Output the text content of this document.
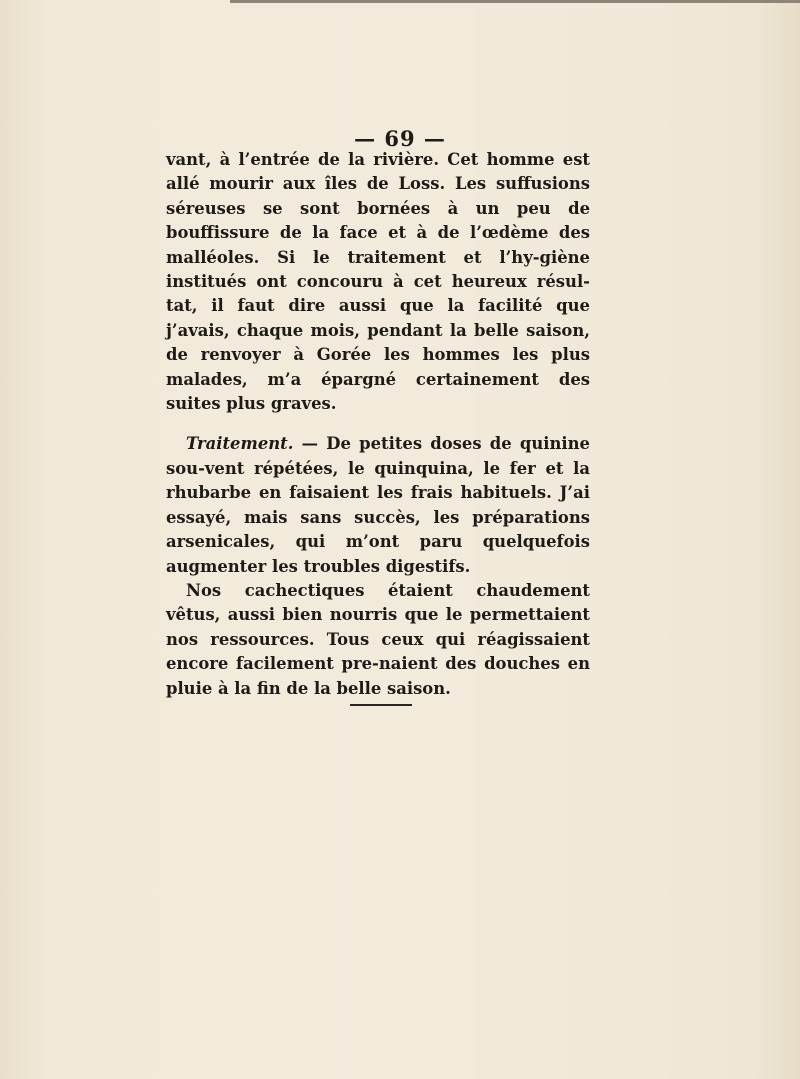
— 69 —

vant, à l’entrée de la rivière. Cet homme est allé mourir aux îles de Loss. Les suffusions séreuses se sont bornées à un peu de bouffissure de la face et à de l’œdème des malléoles. Si le traitement et l’hy-giène institués ont concouru à cet heureux résul-tat, il faut dire aussi que la facilité que j’avais, chaque mois, pendant la belle saison, de renvoyer à Gorée les hommes les plus malades, m’a épargné certainement des suites plus graves.

Traitement. — De petites doses de quinine sou-vent répétées, le quinquina, le fer et la rhubarbe en faisaient les frais habituels. J’ai essayé, mais sans succès, les préparations arsenicales, qui m’ont paru quelquefois augmenter les troubles digestifs.

Nos cachectiques étaient chaudement vêtus, aussi bien nourris que le permettaient nos ressources. Tous ceux qui réagissaient encore facilement pre-naient des douches en pluie à la fin de la belle saison.
